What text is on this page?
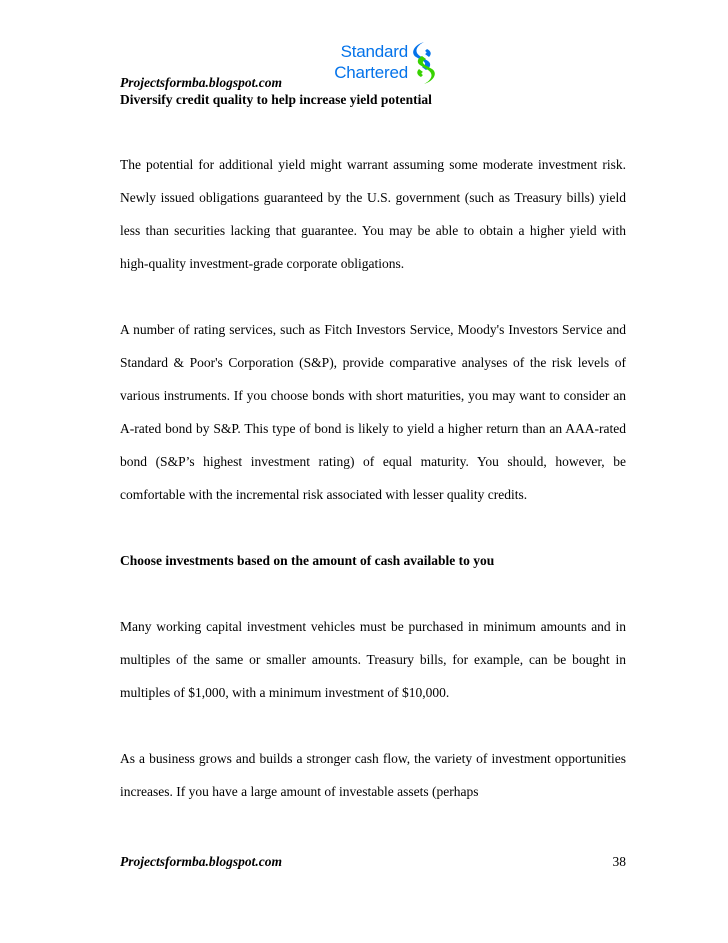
Standard
Chartered
Projectsformba.blogspot.com
Diversify credit quality to help increase yield potential

The potential for additional yield might warrant assuming some moderate investment risk. Newly issued obligations guaranteed by the U.S. government (such as Treasury bills) yield less than securities lacking that guarantee. You may be able to obtain a higher yield with high-quality investment-grade corporate obligations.

A number of rating services, such as Fitch Investors Service, Moody's Investors Service and Standard & Poor's Corporation (S&P), provide comparative analyses of the risk levels of various instruments. If you choose bonds with short maturities, you may want to consider an A-rated bond by S&P. This type of bond is likely to yield a higher return than an AAA-rated bond (S&P’s highest investment rating) of equal maturity. You should, however, be comfortable with the incremental risk associated with lesser quality credits.

Choose investments based on the amount of cash available to you

Many working capital investment vehicles must be purchased in minimum amounts and in multiples of the same or smaller amounts. Treasury bills, for example, can be bought in multiples of $1,000, with a minimum investment of $10,000.

As a business grows and builds a stronger cash flow, the variety of investment opportunities increases. If you have a large amount of investable assets (perhaps

Projectsformba.blogspot.com	38
